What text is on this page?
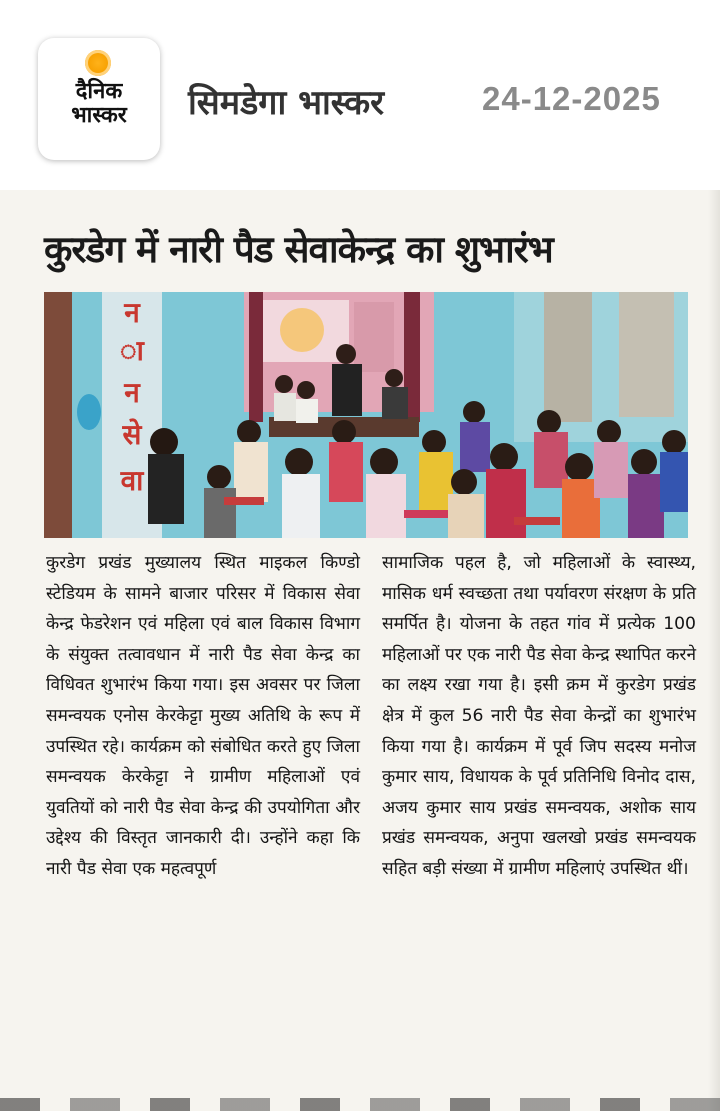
दैनिक भास्कर	सिमडेगा भास्कर	24-12-2025
कुरडेग में नारी पैड सेवाकेन्द्र का शुभारंभ
न
ा
न
से
वा

कुरडेग प्रखंड मुख्यालय स्थित माइकल किण्डो स्टेडियम के सामने बाजार परिसर में विकास सेवा केन्द्र फेडरेशन एवं महिला एवं बाल विकास विभाग के संयुक्त तत्वावधान में नारी पैड सेवा केन्द्र का विधिवत शुभारंभ किया गया। इस अवसर पर जिला समन्वयक एनोस केरकेट्टा मुख्य अतिथि के रूप में उपस्थित रहे। कार्यक्रम को संबोधित करते हुए जिला समन्वयक केरकेट्टा ने ग्रामीण महिलाओं एवं युवतियों को नारी पैड सेवा केन्द्र की उपयोगिता और उद्देश्य की विस्तृत जानकारी दी। उन्होंने कहा कि नारी पैड सेवा एक महत्वपूर्ण

सामाजिक पहल है, जो महिलाओं के स्वास्थ्य, मासिक धर्म स्वच्छता तथा पर्यावरण संरक्षण के प्रति समर्पित है। योजना के तहत गांव में प्रत्येक 100 महिलाओं पर एक नारी पैड सेवा केन्द्र स्थापित करने का लक्ष्य रखा गया है। इसी क्रम में कुरडेग प्रखंड क्षेत्र में कुल 56 नारी पैड सेवा केन्द्रों का शुभारंभ किया गया है। कार्यक्रम में पूर्व जिप सदस्य मनोज कुमार साय, विधायक के पूर्व प्रतिनिधि विनोद दास, अजय कुमार साय प्रखंड समन्वयक, अशोक साय प्रखंड समन्वयक, अनुपा खलखो प्रखंड समन्वयक सहित बड़ी संख्या में ग्रामीण महिलाएं उपस्थित थीं।
